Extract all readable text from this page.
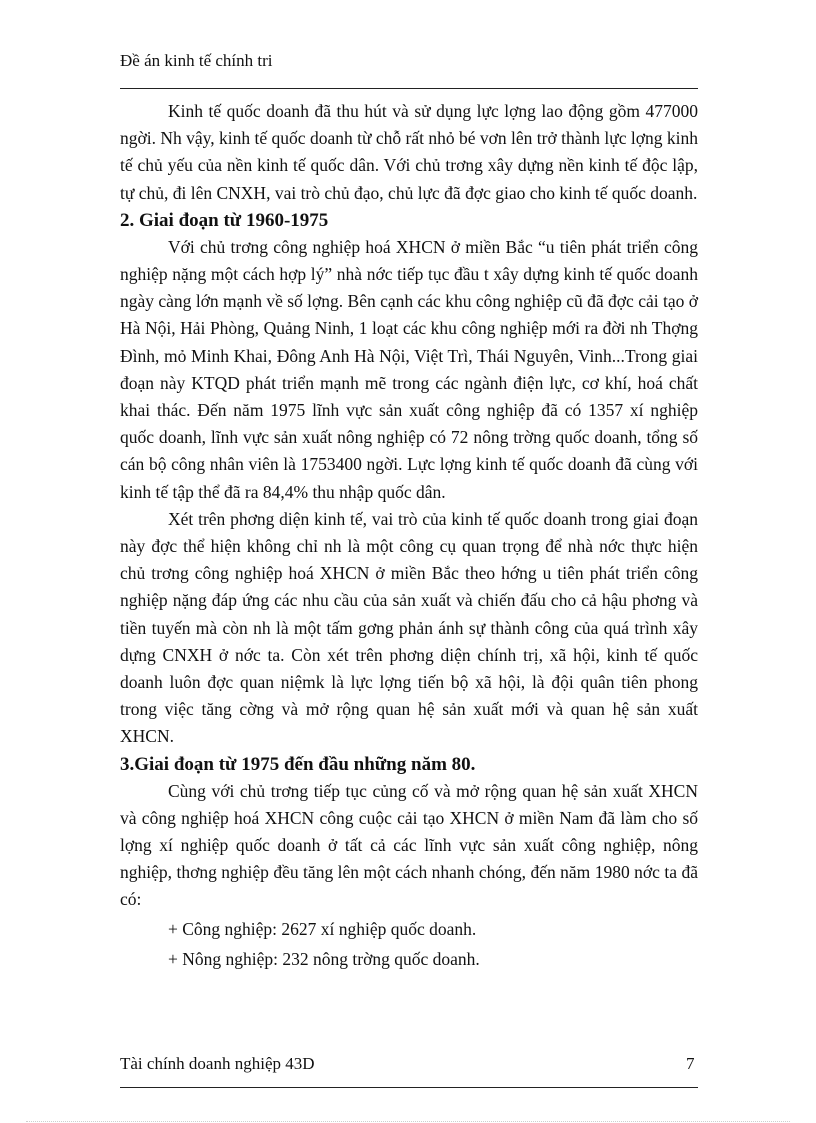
Đề án kinh tế chính tri

Kinh tế quốc doanh đã thu hút và sử dụng lực lợng lao động gồm 477000 ngời. Nh vậy, kinh tế quốc doanh từ chỗ rất nhỏ bé vơn lên trở thành lực lợng kinh tế chủ yếu của nền kinh tế quốc dân. Với chủ trơng xây dựng nền kinh tế độc lập, tự chủ, đi lên CNXH, vai trò chủ đạo, chủ lực đã đợc giao cho kinh tế quốc doanh.

2. Giai đoạn từ 1960-1975

Với chủ trơng công nghiệp hoá XHCN ở miền Bắc “u tiên phát triển công nghiệp nặng một cách hợp lý” nhà nớc tiếp tục đầu t xây dựng kinh tế quốc doanh ngày càng lớn mạnh về số lợng. Bên cạnh các khu công nghiệp cũ đã đợc cải tạo ở Hà Nội, Hải Phòng, Quảng Ninh, 1 loạt các khu công nghiệp mới ra đời nh Thợng Đình, mỏ Minh Khai, Đông Anh Hà Nội, Việt Trì, Thái Nguyên, Vinh...Trong giai đoạn này KTQD phát triển mạnh mẽ trong các ngành điện lực, cơ khí, hoá chất khai thác. Đến năm 1975 lĩnh vực sản xuất công nghiệp đã có 1357 xí nghiệp quốc doanh, lĩnh vực sản xuất nông nghiệp có 72 nông trờng quốc doanh, tổng số cán bộ công nhân viên là 1753400 ngời. Lực lợng kinh tế quốc doanh đã cùng với kinh tế tập thể đã ra 84,4% thu nhập quốc dân.

Xét trên phơng diện kinh tế, vai trò của kinh tế quốc doanh trong giai đoạn này đợc thể hiện không chỉ nh là một công cụ quan trọng để nhà nớc thực hiện chủ trơng công nghiệp hoá XHCN ở miền Bắc theo hớng u tiên phát triển công nghiệp nặng đáp ứng các nhu cầu của sản xuất và chiến đấu cho cả hậu phơng và tiền tuyến mà còn nh là một tấm gơng phản ánh sự thành công của quá trình xây dựng CNXH ở nớc ta. Còn xét trên phơng diện chính trị, xã hội, kinh tế quốc doanh luôn đợc quan niệmk là lực lợng tiến bộ xã hội, là đội quân tiên phong trong việc tăng cờng và mở rộng quan hệ sản xuất mới và quan hệ sản xuất XHCN.

3.Giai đoạn từ 1975 đến đầu những năm 80.

Cùng với chủ trơng tiếp tục củng cố và mở rộng quan hệ sản xuất XHCN và công nghiệp hoá XHCN công cuộc cải tạo XHCN ở miền Nam đã làm cho số lợng xí nghiệp quốc doanh ở tất cả các lĩnh vực sản xuất công nghiệp, nông nghiệp, thơng nghiệp đều tăng lên một cách nhanh chóng, đến năm 1980 nớc ta đã có:

+ Công nghiệp: 2627 xí nghiệp quốc doanh.

+ Nông nghiệp: 232 nông trờng quốc doanh.

Tài chính doanh nghiệp 43D	7
